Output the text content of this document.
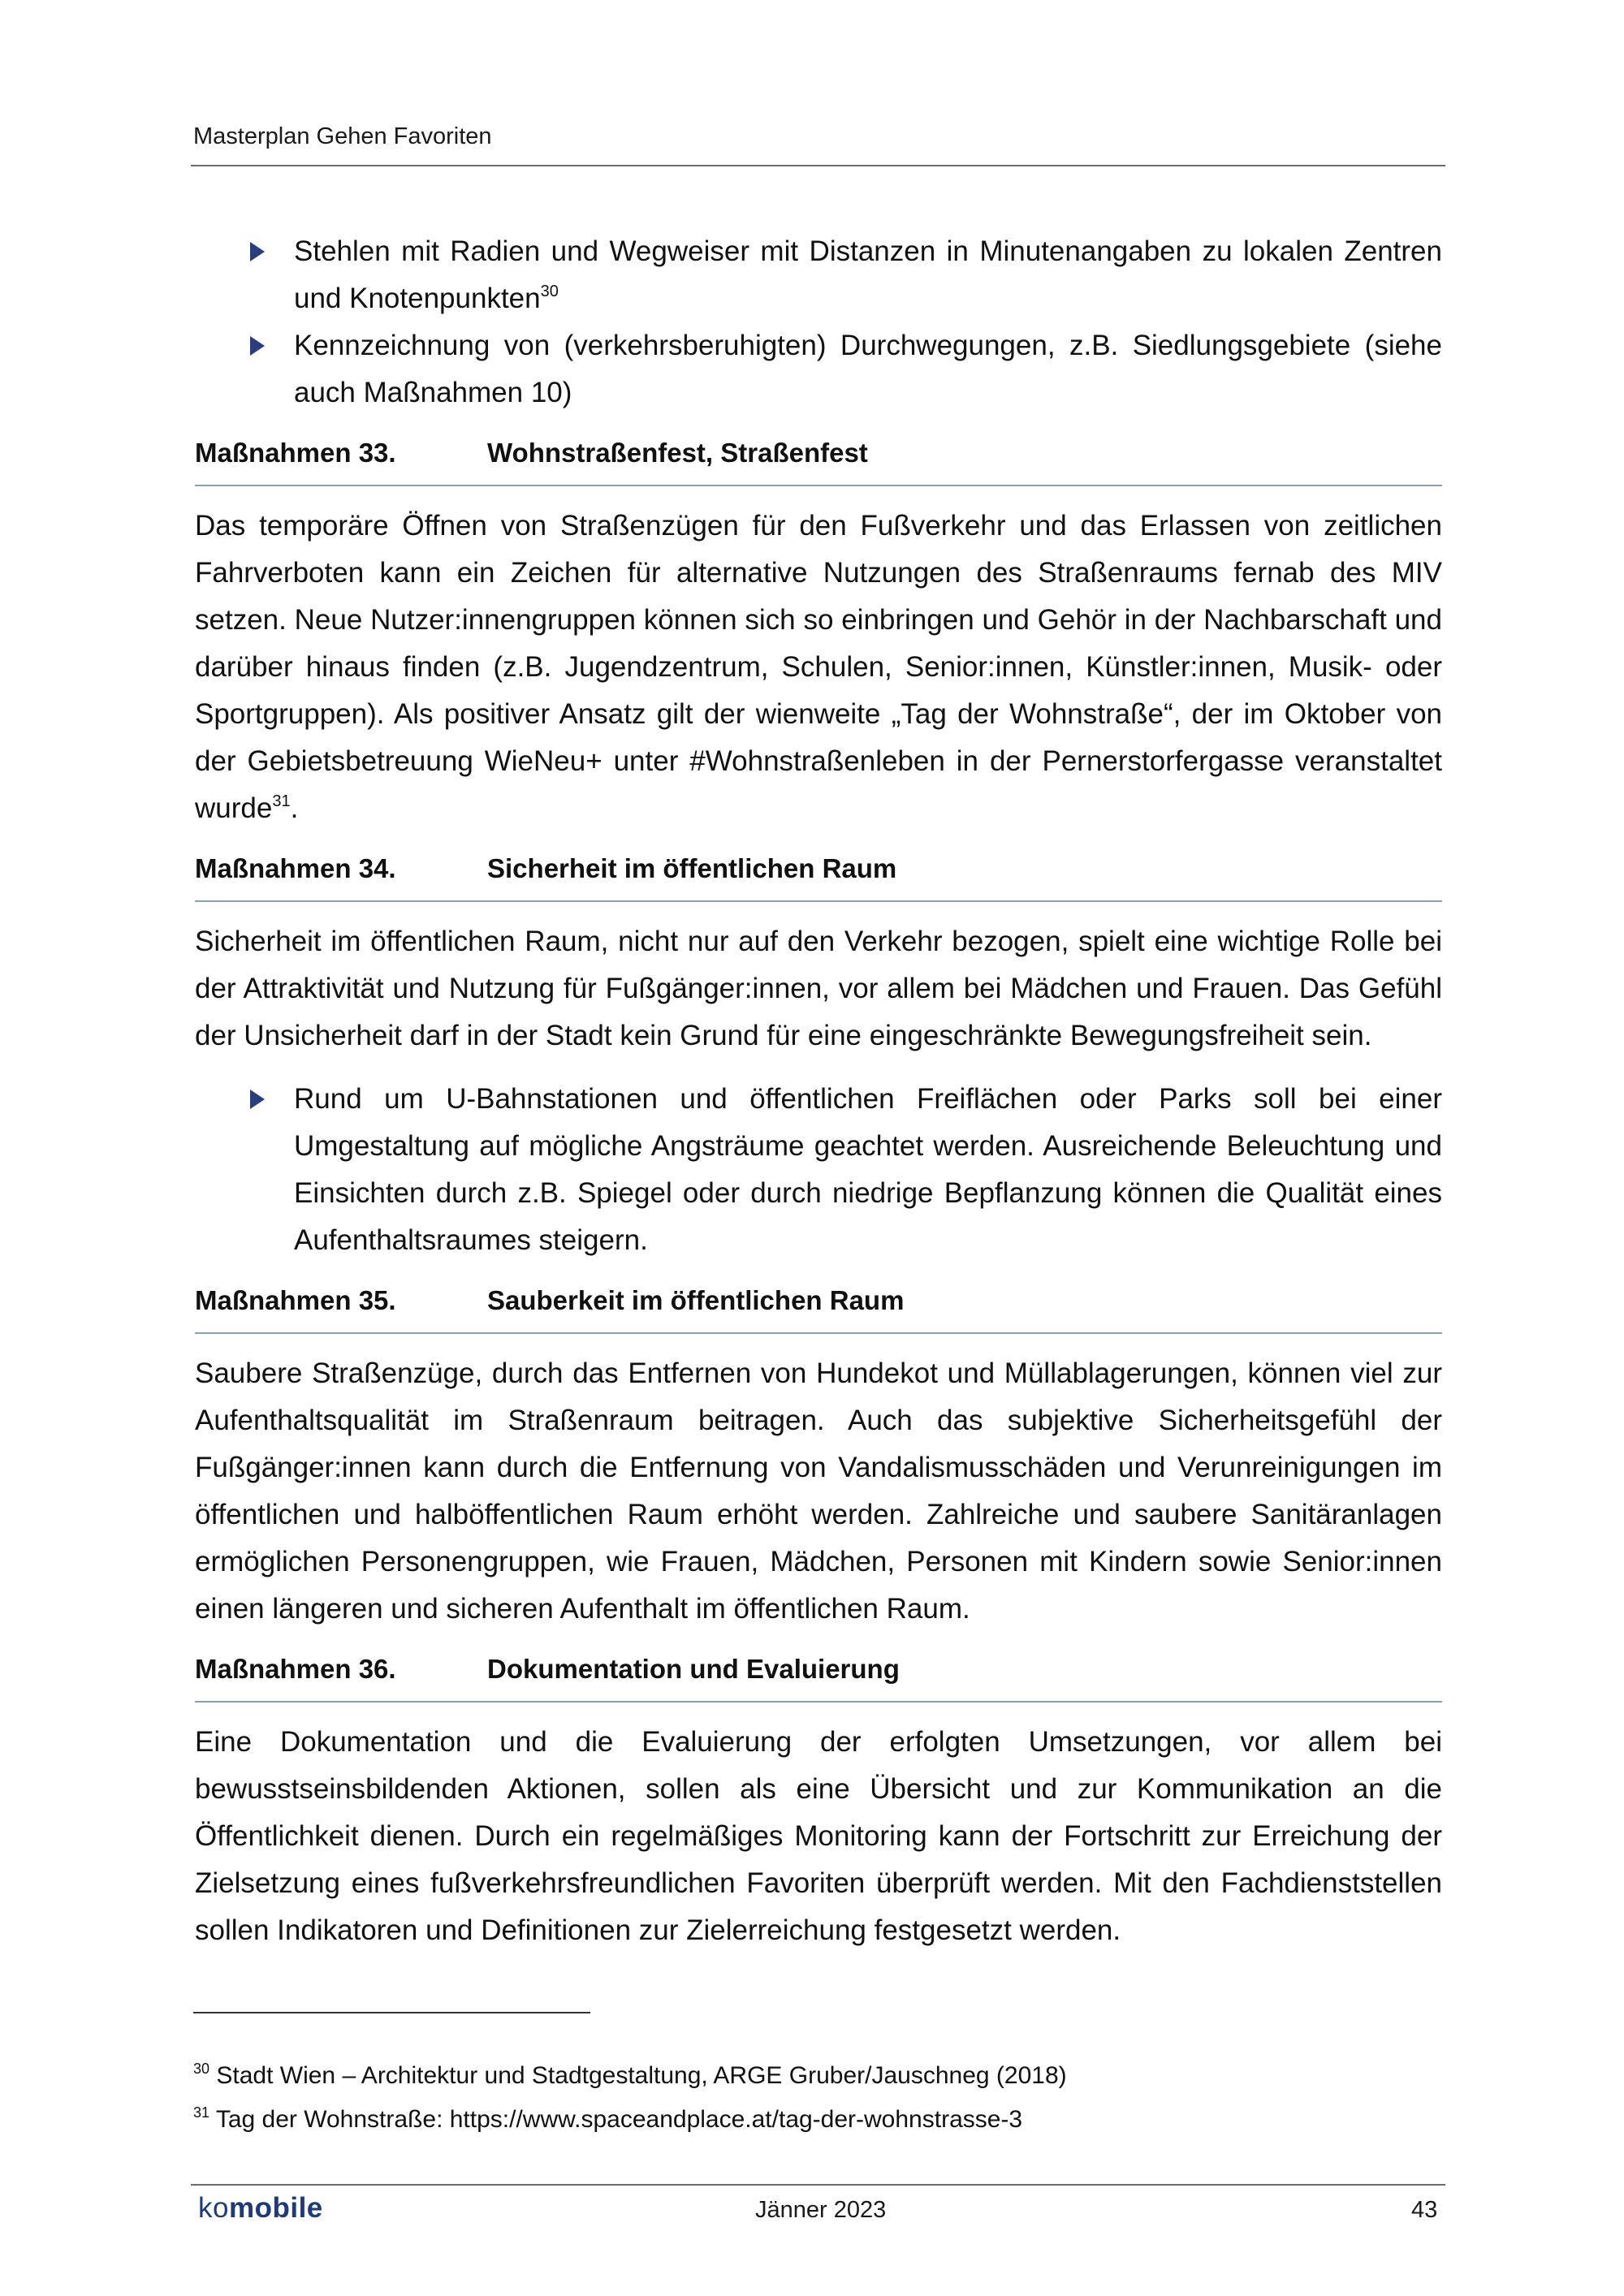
Masterplan Gehen Favoriten
Stehlen mit Radien und Wegweiser mit Distanzen in Minutenangaben zu lokalen Zentren und Knotenpunkten$^{30}$
Kennzeichnung von (verkehrsberuhigten) Durchwegungen, z.B. Siedlungsgebiete (siehe auch Maßnahmen 10)
Maßnahmen 33.	Wohnstraßenfest, Straßenfest

Das temporäre Öffnen von Straßenzügen für den Fußverkehr und das Erlassen von zeitlichen Fahrverboten kann ein Zeichen für alternative Nutzungen des Straßenraums fernab des MIV setzen. Neue Nutzer:innengruppen können sich so einbringen und Gehör in der Nachbarschaft und darüber hinaus finden (z.B. Jugendzentrum, Schulen, Senior:innen, Künstler:innen, Musik- oder Sportgruppen). Als positiver Ansatz gilt der wienweite „Tag der Wohnstraße“, der im Oktober von der Gebietsbetreuung WieNeu+ unter #Wohnstraßenleben in der Pernerstorfergasse veranstaltet wurde$^{31}$.

Maßnahmen 34.	Sicherheit im öffentlichen Raum

Sicherheit im öffentlichen Raum, nicht nur auf den Verkehr bezogen, spielt eine wichtige Rolle bei der Attraktivität und Nutzung für Fußgänger:innen, vor allem bei Mädchen und Frauen. Das Gefühl der Unsicherheit darf in der Stadt kein Grund für eine eingeschränkte Bewegungsfreiheit sein.

Rund um U-Bahnstationen und öffentlichen Freiflächen oder Parks soll bei einer Umgestaltung auf mögliche Angsträume geachtet werden. Ausreichende Beleuchtung und Einsichten durch z.B. Spiegel oder durch niedrige Bepflanzung können die Qualität eines Aufenthaltsraumes steigern.
Maßnahmen 35.	Sauberkeit im öffentlichen Raum

Saubere Straßenzüge, durch das Entfernen von Hundekot und Müllablagerungen, können viel zur Aufenthaltsqualität im Straßenraum beitragen. Auch das subjektive Sicherheitsgefühl der Fußgänger:innen kann durch die Entfernung von Vandalismusschäden und Verunreinigungen im öffentlichen und halböffentlichen Raum erhöht werden. Zahlreiche und saubere Sanitäranlagen ermöglichen Personengruppen, wie Frauen, Mädchen, Personen mit Kindern sowie Senior:innen einen längeren und sicheren Aufenthalt im öffentlichen Raum.

Maßnahmen 36.	Dokumentation und Evaluierung

Eine Dokumentation und die Evaluierung der erfolgten Umsetzungen, vor allem bei bewusstseinsbildenden Aktionen, sollen als eine Übersicht und zur Kommunikation an die Öffentlichkeit dienen. Durch ein regelmäßiges Monitoring kann der Fortschritt zur Erreichung der Zielsetzung eines fußverkehrsfreundlichen Favoriten überprüft werden. Mit den Fachdienststellen sollen Indikatoren und Definitionen zur Zielerreichung festgesetzt werden.

$^{30}$ Stadt Wien – Architektur und Stadtgestaltung, ARGE Gruber/Jauschneg (2018)

$^{31}$ Tag der Wohnstraße: https://www.spaceandplace.at/tag-der-wohnstrasse-3

komobile	Jänner 2023	43
